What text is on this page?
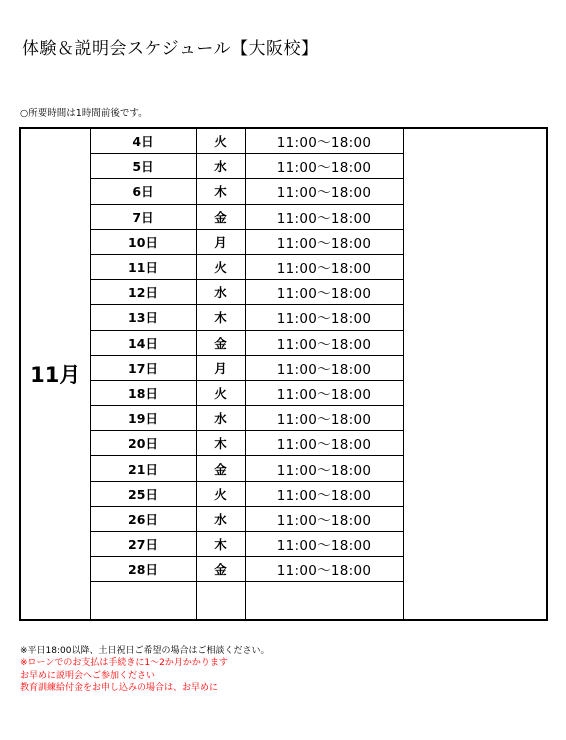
体験＆説明会スケジュール【大阪校】
○所要時間は1時間前後です。
11月	4日	火	11:00～18:00	
	5日	水	11:00～18:00	
	6日	木	11:00～18:00	
	7日	金	11:00～18:00	
	10日	月	11:00～18:00	
	11日	火	11:00～18:00	
	12日	水	11:00～18:00	
	13日	木	11:00～18:00	
	14日	金	11:00～18:00	
	17日	月	11:00～18:00	
	18日	火	11:00～18:00	
	19日	水	11:00～18:00	
	20日	木	11:00～18:00	
	21日	金	11:00～18:00	
	25日	火	11:00～18:00	
	26日	水	11:00～18:00	
	27日	木	11:00～18:00	
	28日	金	11:00～18:00	

※平日18:00以降、土日祝日ご希望の場合はご相談ください。
※ローンでのお支払は手続きに1～2か月かかります
お早めに説明会へご参加ください
教育訓練給付金をお申し込みの場合は、お早めに
